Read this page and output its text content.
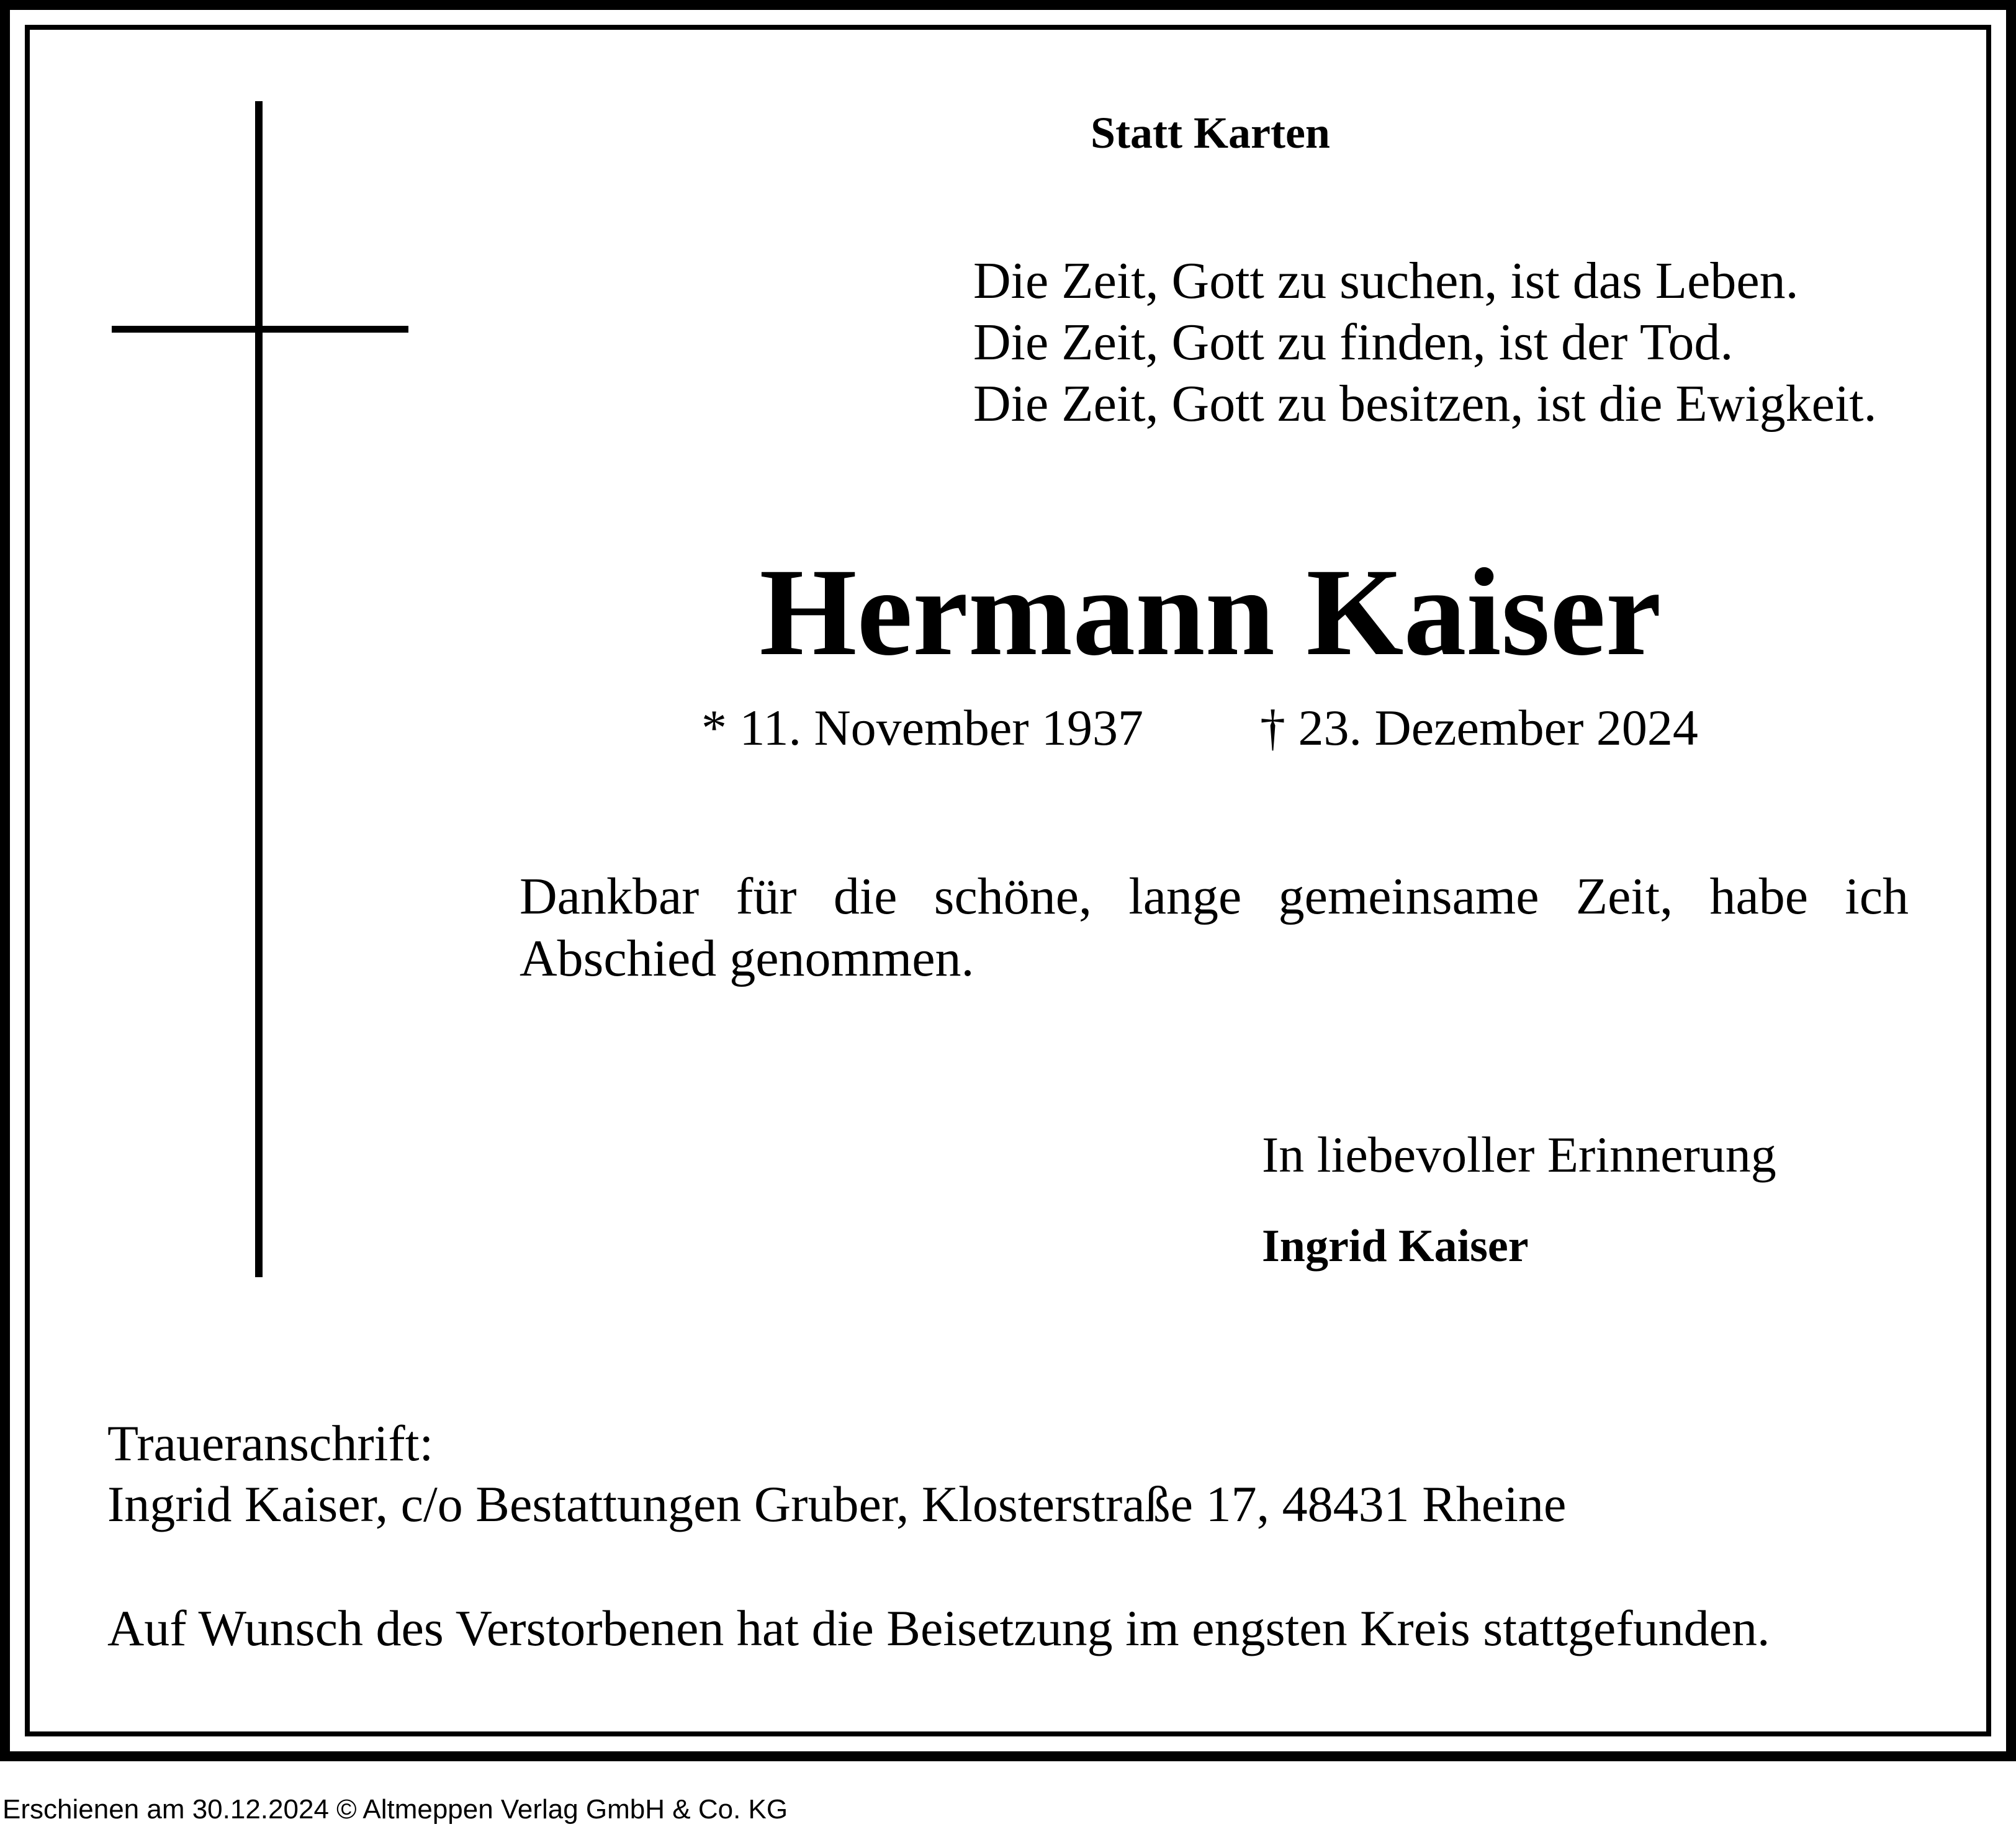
Statt Karten
Die Zeit, Gott zu suchen, ist das Leben.
Die Zeit, Gott zu finden, ist der Tod.
Die Zeit, Gott zu besitzen, ist die Ewigkeit.
Hermann Kaiser
* 11. November 1937 † 23. Dezember 2024
Dankbar für die schöne, lange gemeinsame Zeit, habe ich Abschied genommen.
In liebevoller Erinnerung
Ingrid Kaiser
Traueranschrift:
Ingrid Kaiser, c/o Bestattungen Gruber, Klosterstraße 17, 48431 Rheine
Auf Wunsch des Verstorbenen hat die Beisetzung im engsten Kreis stattgefunden.
Erschienen am 30.12.2024 © Altmeppen Verlag GmbH & Co. KG
